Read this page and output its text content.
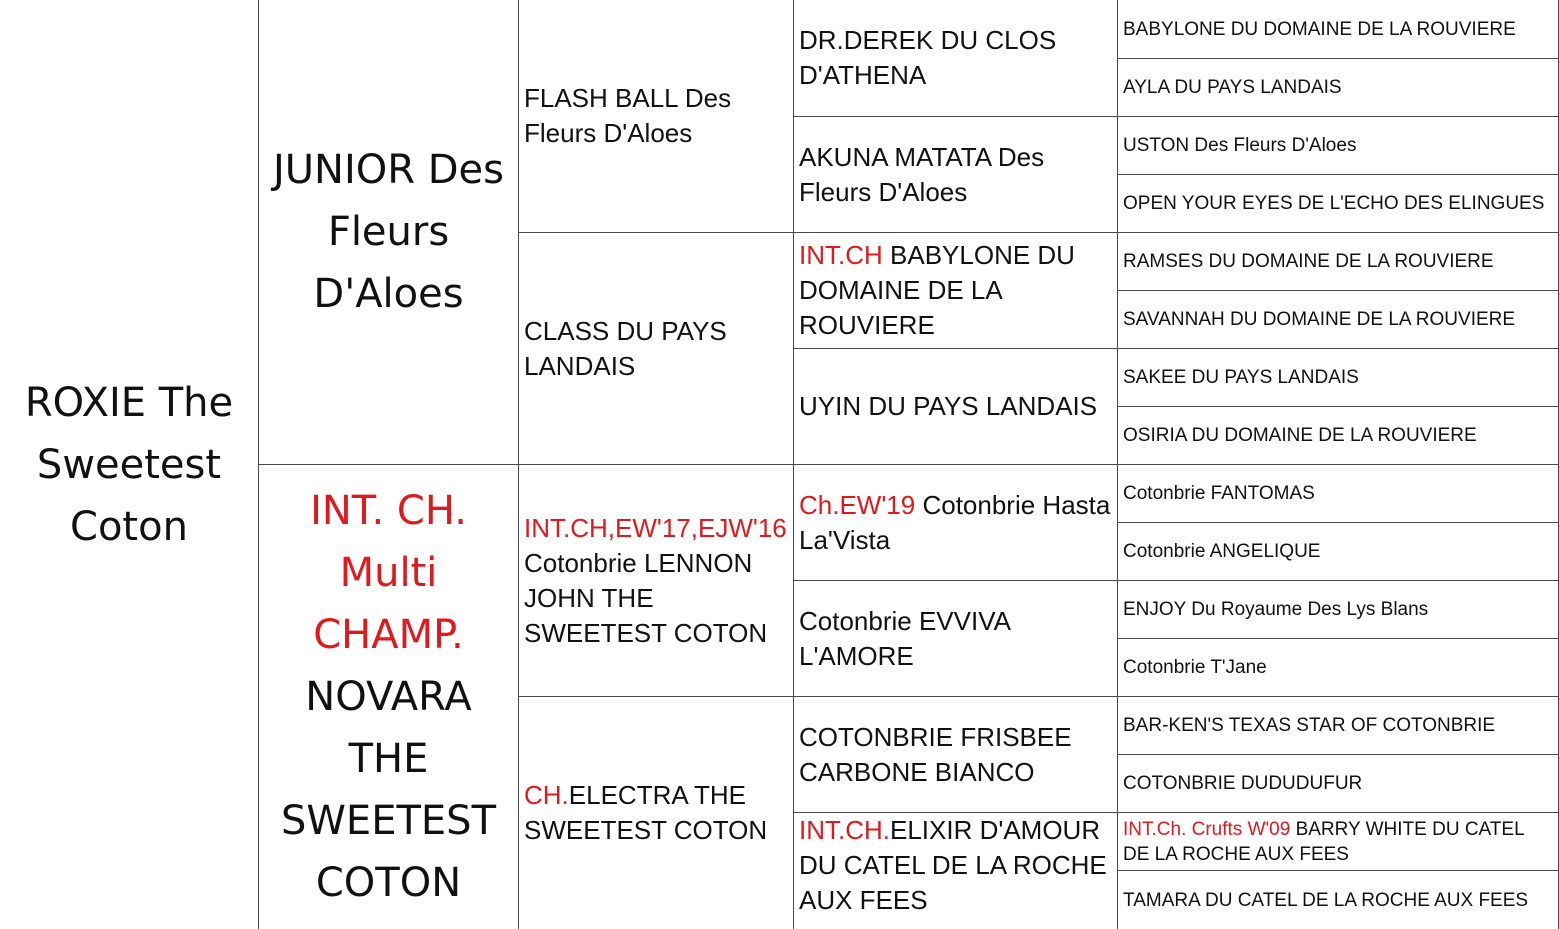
ROXIE The Sweetest Coton
JUNIOR Des Fleurs D'Aloes
INT. CH. Multi CHAMP. NOVARA THE SWEETEST COTON
FLASH BALL Des Fleurs D'Aloes
CLASS DU PAYS LANDAIS
INT.CH,EW'17,EJW'16 Cotonbrie LENNON JOHN THE SWEETEST COTON
CH.ELECTRA THE SWEETEST COTON
DR.DEREK DU CLOS D'ATHENA
AKUNA MATATA Des Fleurs D'Aloes
INT.CH BABYLONE DU DOMAINE DE LA ROUVIERE
UYIN DU PAYS LANDAIS
Ch.EW'19 Cotonbrie Hasta La'Vista
Cotonbrie EVVIVA L'AMORE
COTONBRIE FRISBEE CARBONE BIANCO
INT.CH.ELIXIR D'AMOUR DU CATEL DE LA ROCHE AUX FEES
BABYLONE DU DOMAINE DE LA ROUVIERE
AYLA DU PAYS LANDAIS
USTON Des Fleurs D'Aloes
OPEN YOUR EYES DE L'ECHO DES ELINGUES
RAMSES DU DOMAINE DE LA ROUVIERE
SAVANNAH DU DOMAINE DE LA ROUVIERE
SAKEE DU PAYS LANDAIS
OSIRIA DU DOMAINE DE LA ROUVIERE
Cotonbrie FANTOMAS
Cotonbrie ANGELIQUE
ENJOY Du Royaume Des Lys Blans
Cotonbrie T'Jane
BAR-KEN'S TEXAS STAR OF COTONBRIE
COTONBRIE DUDUDUFUR
INT.Ch. Crufts W'09 BARRY WHITE DU CATEL DE LA ROCHE AUX FEES
TAMARA DU CATEL DE LA ROCHE AUX FEES
